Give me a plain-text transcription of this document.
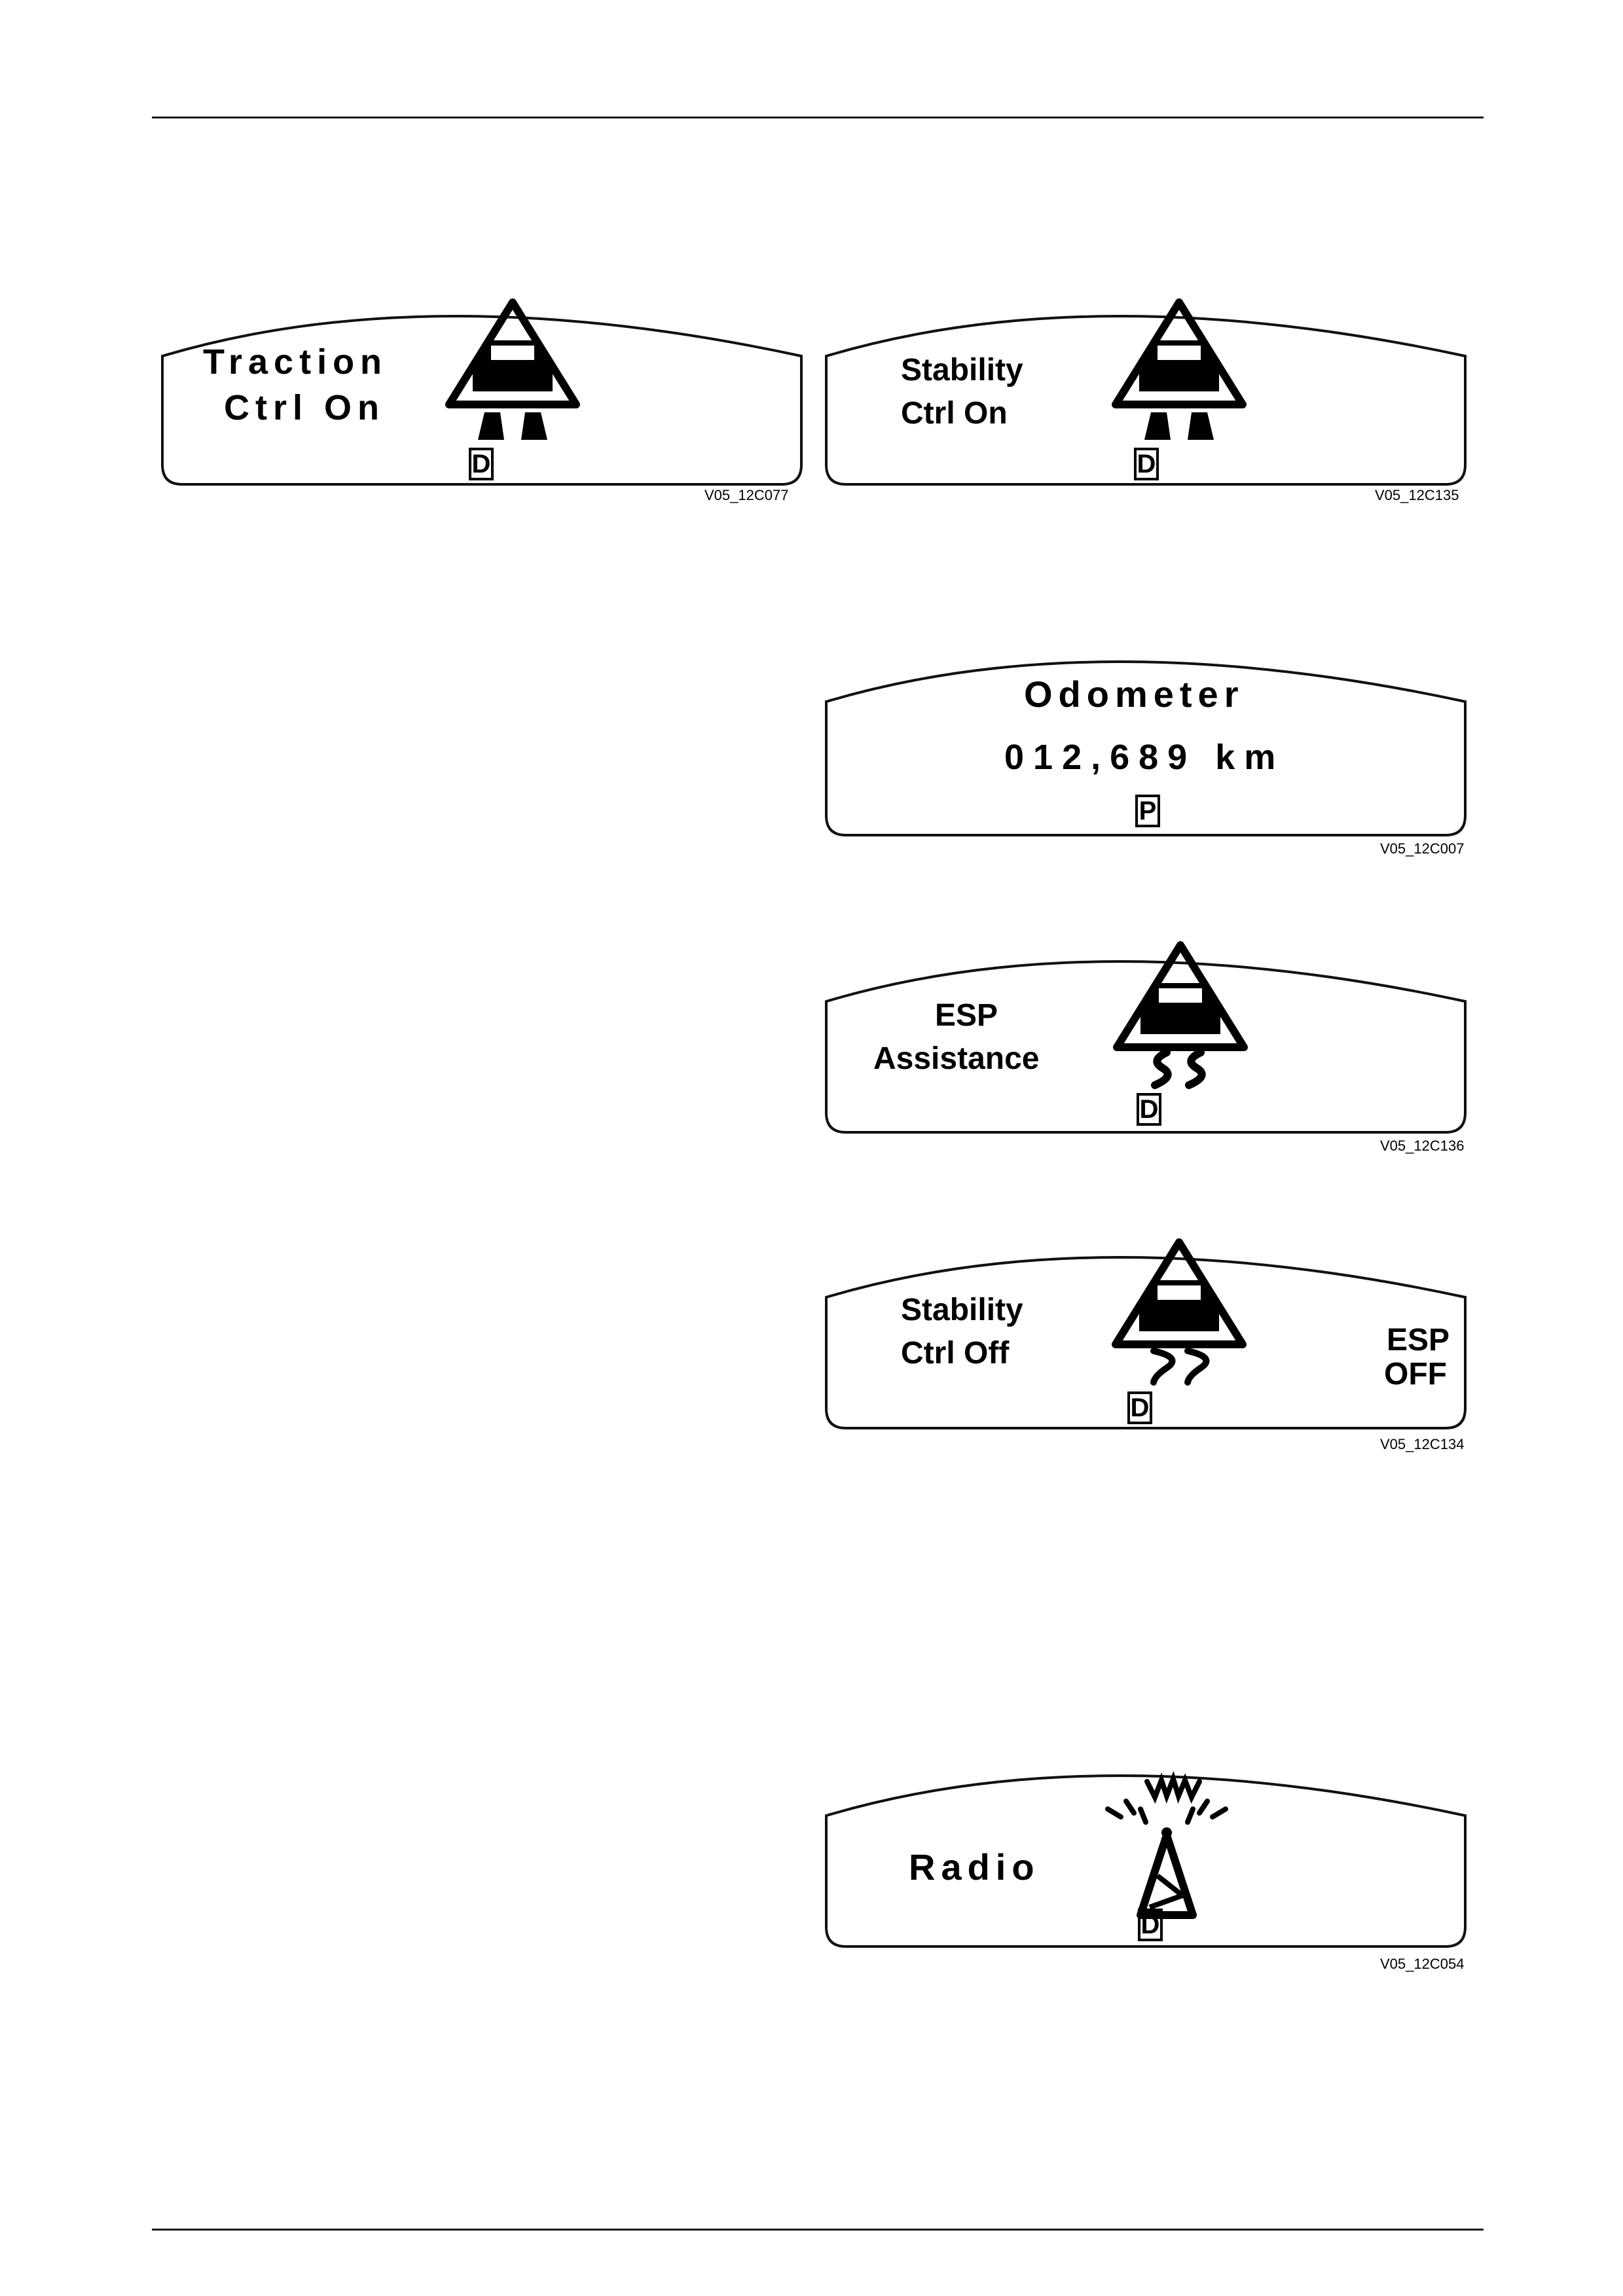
Traction
Ctrl On
D
V05_12C077
Stability
Ctrl On
D
V05_12C135
Odometer
012,689 km
P
V05_12C007
ESP
Assistance
D
V05_12C136
Stability
Ctrl Off	ESP
OFF
D
V05_12C134
Radio
D
V05_12C054
